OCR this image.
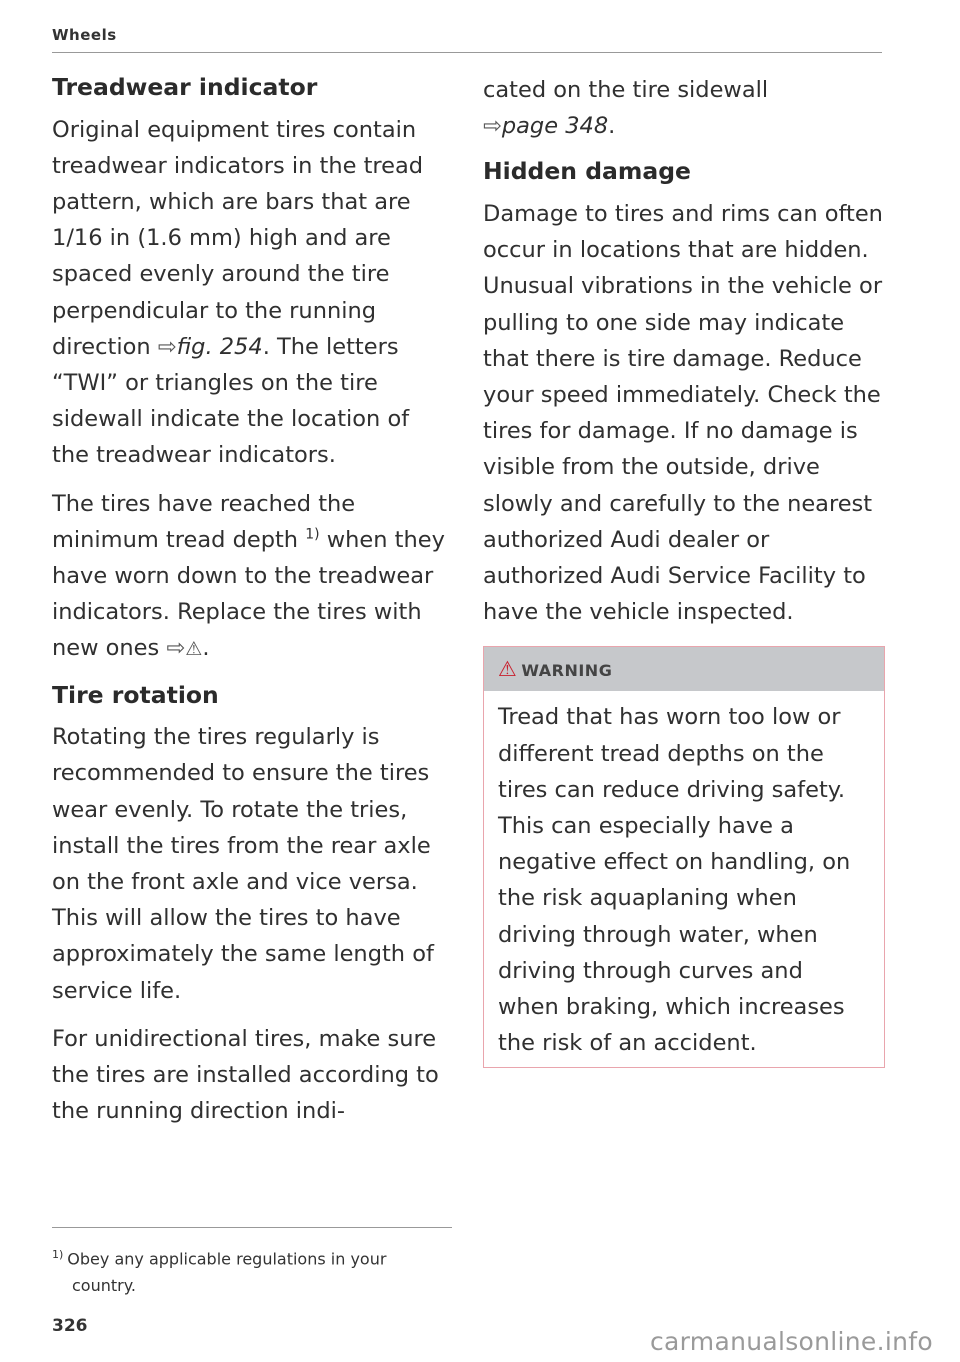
Wheels
Treadwear indicator

Original equipment tires contain treadwear indicators in the tread pattern, which are bars that are 1/16 in (1.6 mm) high and are spaced evenly around the tire perpendicular to the running direction ⇨fig. 254. The letters “TWI” or triangles on the tire sidewall indicate the location of the treadwear indicators.

The tires have reached the minimum tread depth $^{1)}$ when they have worn down to the treadwear indicators. Replace the tires with new ones ⇨⚠.

Tire rotation

Rotating the tires regularly is recommended to ensure the tires wear evenly. To rotate the tries, install the tires from the rear axle on the front axle and vice versa. This will allow the tires to have approximately the same length of service life.

For unidirectional tires, make sure the tires are installed according to the running direction indi-

cated on the tire sidewall
⇨page 348.

Hidden damage

Damage to tires and rims can often occur in locations that are hidden. Unusual vibrations in the vehicle or pulling to one side may indicate that there is tire damage. Reduce your speed immediately. Check the tires for damage. If no damage is visible from the outside, drive slowly and carefully to the nearest authorized Audi dealer or authorized Audi Service Facility to have the vehicle inspected.

⚠ WARNING

Tread that has worn too low or different tread depths on the tires can reduce driving safety. This can especially have a negative effect on handling, on the risk aquaplaning when driving through water, when driving through curves and when braking, which increases the risk of an accident.

$^{1)}$ Obey any applicable regulations in your
country.
326
carmanualsonline.info
